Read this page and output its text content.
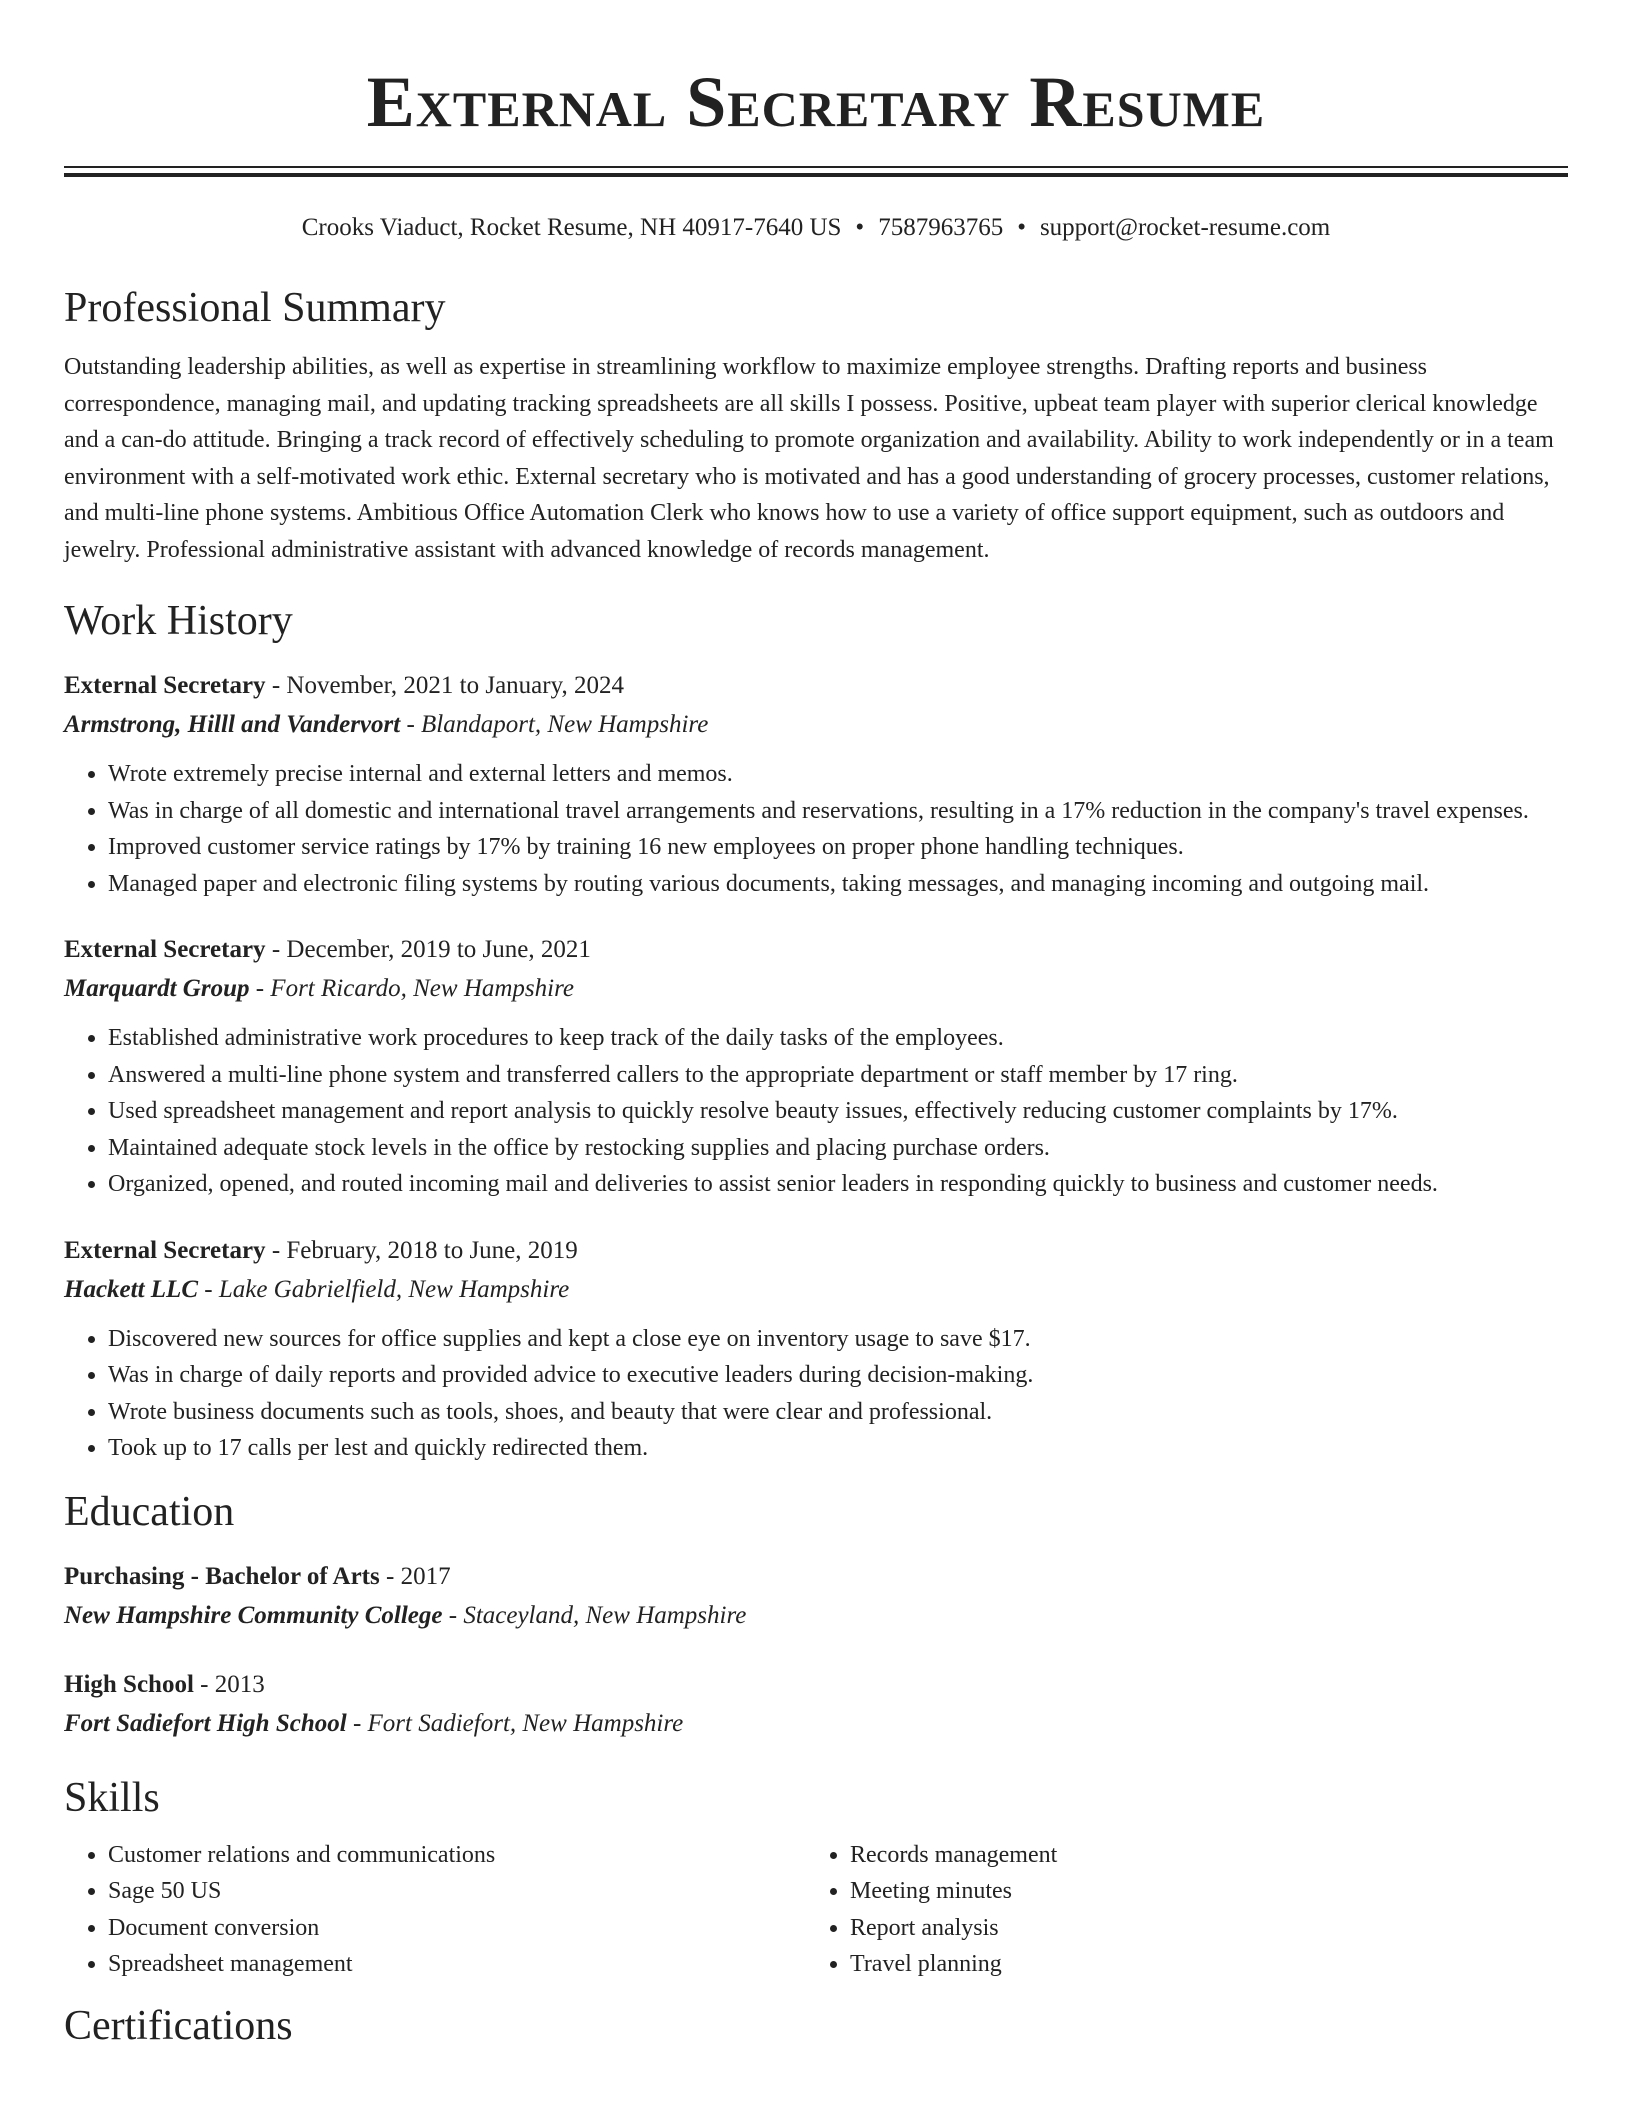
External Secretary Resume
Crooks Viaduct, Rocket Resume, NH 40917-7640 US • 7587963765 • support@rocket-resume.com
Professional Summary
Outstanding leadership abilities, as well as expertise in streamlining workflow to maximize employee strengths. Drafting reports and business correspondence, managing mail, and updating tracking spreadsheets are all skills I possess. Positive, upbeat team player with superior clerical knowledge and a can-do attitude. Bringing a track record of effectively scheduling to promote organization and availability. Ability to work independently or in a team environment with a self-motivated work ethic. External secretary who is motivated and has a good understanding of grocery processes, customer relations, and multi-line phone systems. Ambitious Office Automation Clerk who knows how to use a variety of office support equipment, such as outdoors and jewelry. Professional administrative assistant with advanced knowledge of records management.
Work History
External Secretary - November, 2021 to January, 2024
Armstrong, Hilll and Vandervort - Blandaport, New Hampshire
• Wrote extremely precise internal and external letters and memos.
• Was in charge of all domestic and international travel arrangements and reservations, resulting in a 17% reduction in the company's travel expenses.
• Improved customer service ratings by 17% by training 16 new employees on proper phone handling techniques.
• Managed paper and electronic filing systems by routing various documents, taking messages, and managing incoming and outgoing mail.
External Secretary - December, 2019 to June, 2021
Marquardt Group - Fort Ricardo, New Hampshire
• Established administrative work procedures to keep track of the daily tasks of the employees.
• Answered a multi-line phone system and transferred callers to the appropriate department or staff member by 17 ring.
• Used spreadsheet management and report analysis to quickly resolve beauty issues, effectively reducing customer complaints by 17%.
• Maintained adequate stock levels in the office by restocking supplies and placing purchase orders.
• Organized, opened, and routed incoming mail and deliveries to assist senior leaders in responding quickly to business and customer needs.
External Secretary - February, 2018 to June, 2019
Hackett LLC - Lake Gabrielfield, New Hampshire
• Discovered new sources for office supplies and kept a close eye on inventory usage to save $17.
• Was in charge of daily reports and provided advice to executive leaders during decision-making.
• Wrote business documents such as tools, shoes, and beauty that were clear and professional.
• Took up to 17 calls per lest and quickly redirected them.
Education
Purchasing - Bachelor of Arts - 2017
New Hampshire Community College - Staceyland, New Hampshire
High School - 2013
Fort Sadiefort High School - Fort Sadiefort, New Hampshire
Skills
• Customer relations and communications
• Sage 50 US
• Document conversion
• Spreadsheet management
• Records management
• Meeting minutes
• Report analysis
• Travel planning
Certifications
